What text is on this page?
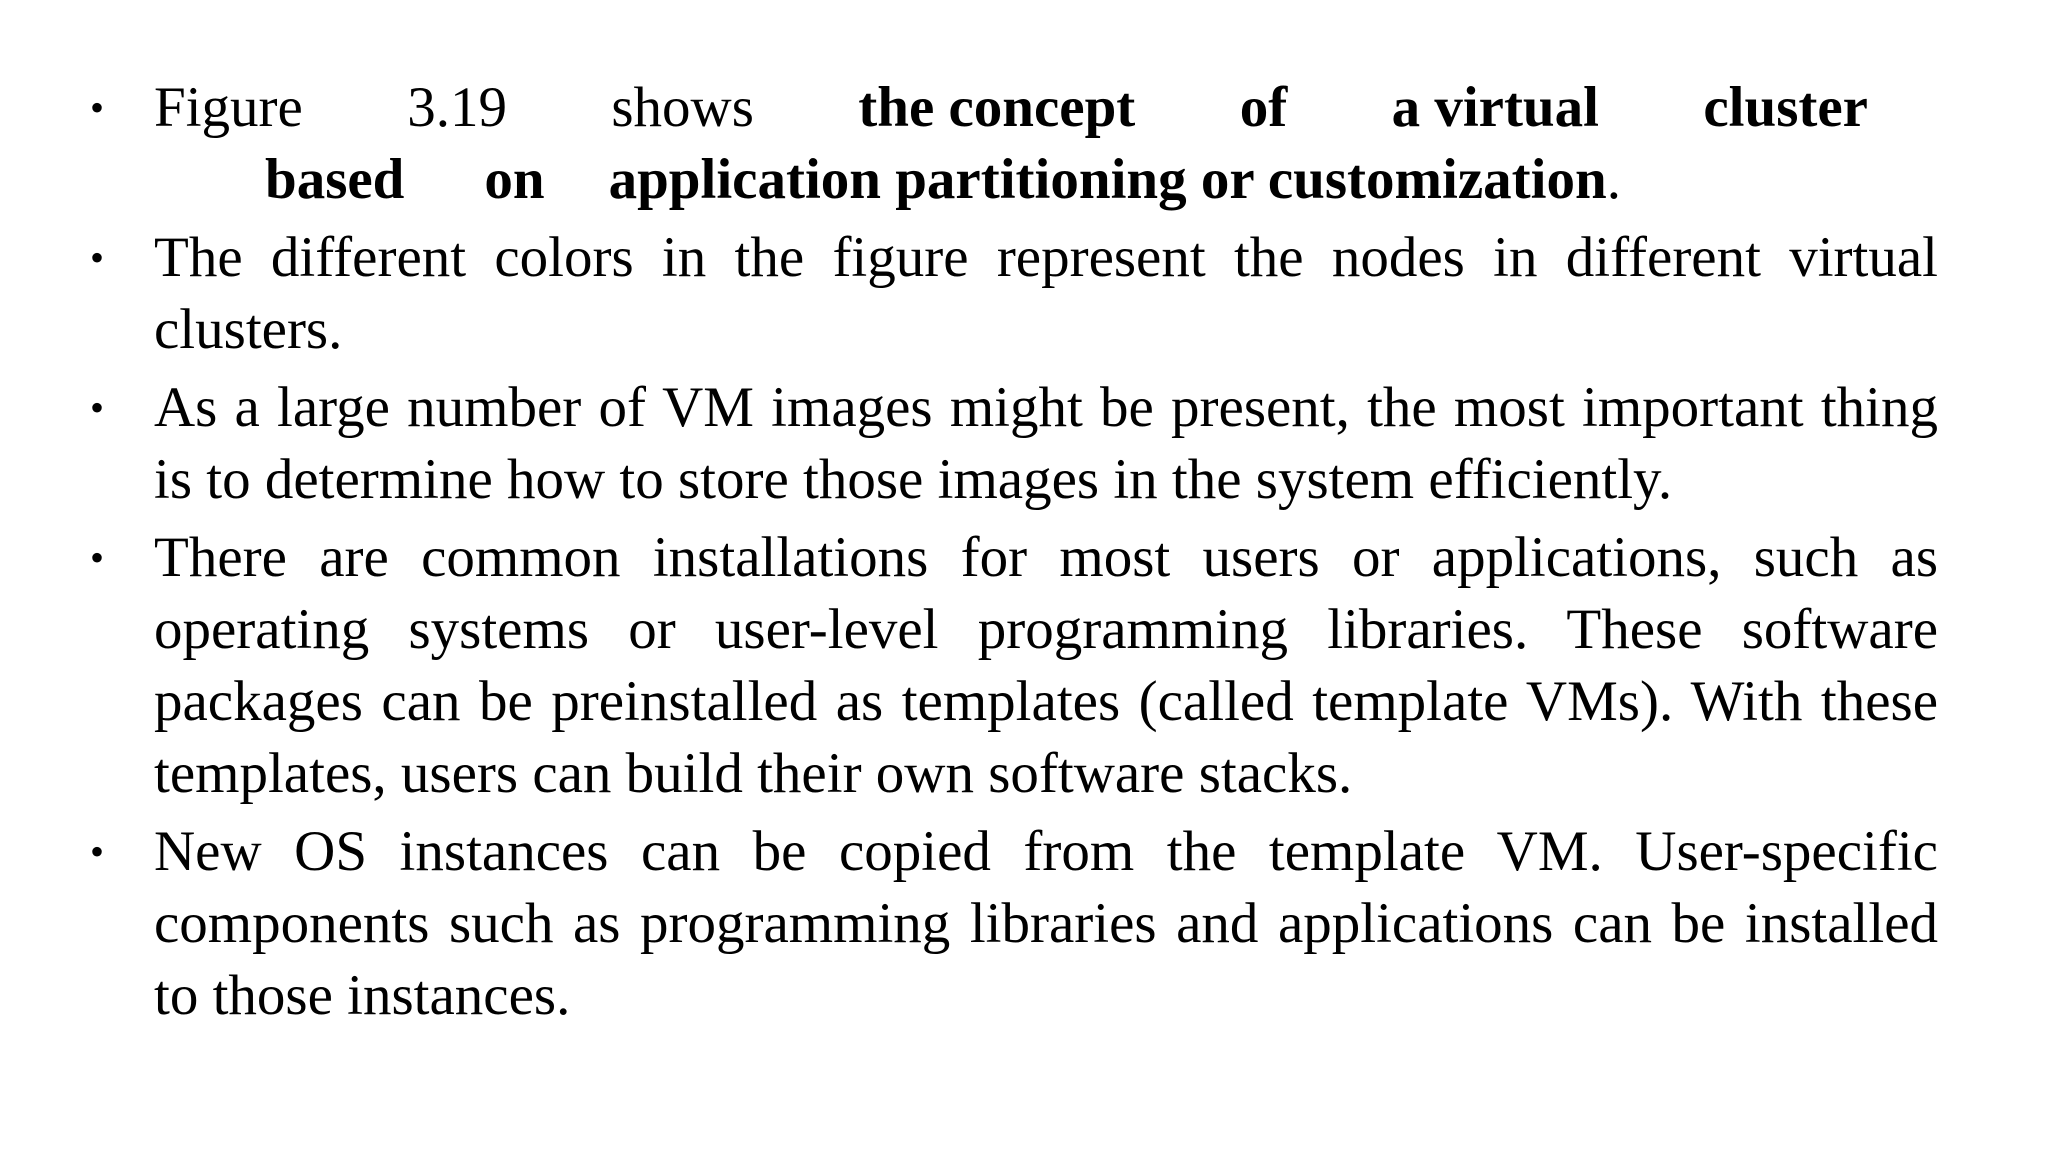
• Figure 3.19 shows the concept of a virtual cluster
based on application partitioning or customization .
• The different colors in the figure represent the nodes in different virtual clusters.
• As a large number of VM images might be present, the most important thing is to determine how to store those images in the system efficiently.
• There are common installations for most users or applications, such as operating systems or user-level programming libraries. These software packages can be preinstalled as templates (called template VMs). With these templates, users can build their own software stacks.
• New OS instances can be copied from the template VM. User-specific components such as programming libraries and applications can be installed to those instances.
